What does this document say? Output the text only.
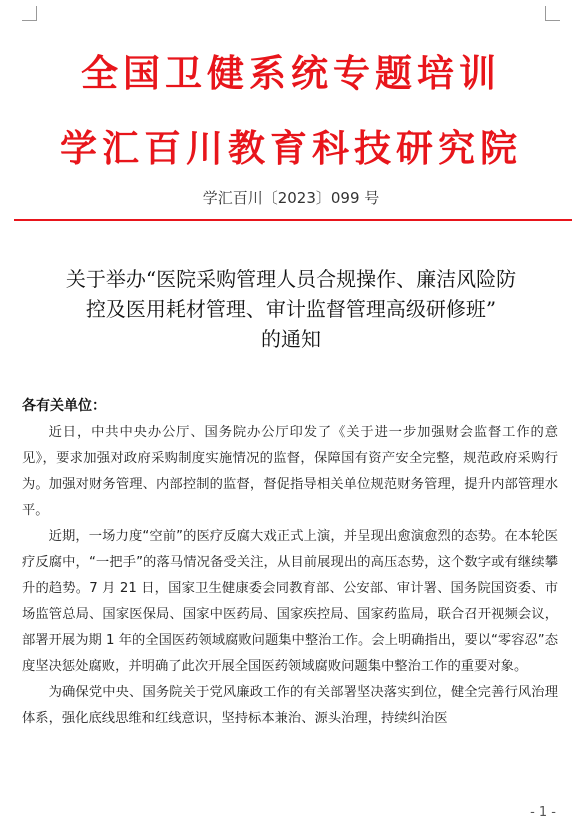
全国卫健系统专题培训
学汇百川教育科技研究院
学汇百川〔2023〕099 号
关于举办“医院采购管理人员合规操作、廉洁风险防
控及医用耗材管理、审计监督管理高级研修班”
的通知
各有关单位：

近日，中共中央办公厅、国务院办公厅印发了《关于进一步加强财会监督工作的意见》，要求加强对政府采购制度实施情况的监督，保障国有资产安全完整，规范政府采购行为。加强对财务管理、内部控制的监督，督促指导相关单位规范财务管理，提升内部管理水平。

近期，一场力度“空前”的医疗反腐大戏正式上演，并呈现出愈演愈烈的态势。在本轮医疗反腐中，“一把手”的落马情况备受关注，从目前展现出的高压态势，这个数字或有继续攀升的趋势。7 月 21 日，国家卫生健康委会同教育部、公安部、审计署、国务院国资委、市场监管总局、国家医保局、国家中医药局、国家疾控局、国家药监局，联合召开视频会议，部署开展为期 1 年的全国医药领域腐败问题集中整治工作。会上明确指出，要以“零容忍”态度坚决惩处腐败，并明确了此次开展全国医药领域腐败问题集中整治工作的重要对象。

为确保党中央、国务院关于党风廉政工作的有关部署坚决落实到位，健全完善行风治理体系，强化底线思维和红线意识，坚持标本兼治、源头治理，持续纠治医

- 1 -
